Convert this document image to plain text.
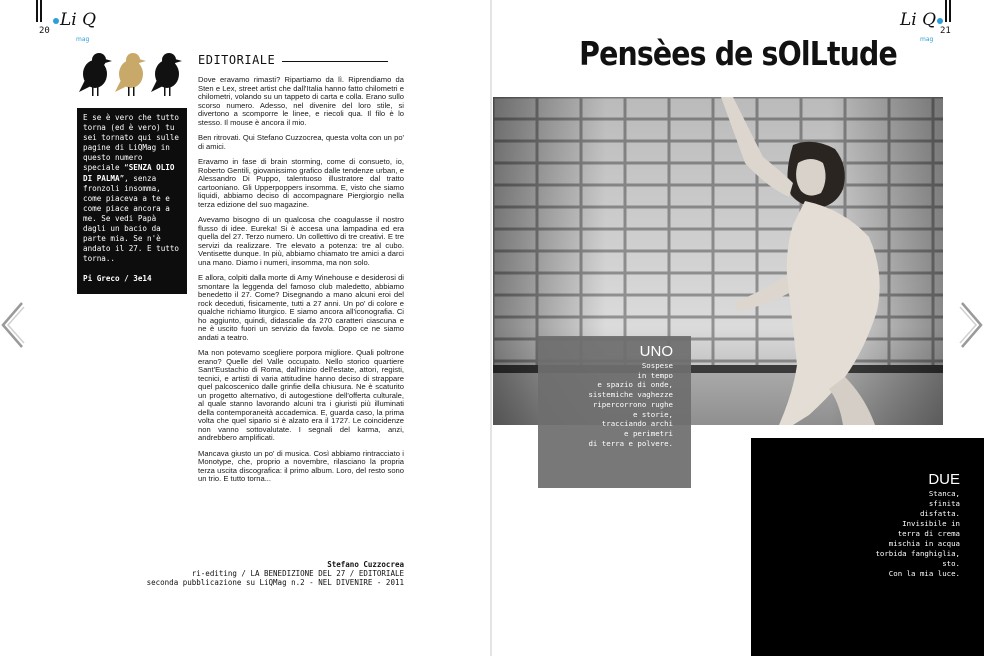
20
Li Q
mag

E se è vero che tutto torna (ed è vero) tu sei tornato qui sulle pagine di LiQMag in questo numero speciale “SENZA OLIO DI PALMA”, senza fronzoli insomma, come piaceva a te e come piace ancora a me. Se vedi Papà dagli un bacio da parte mia. Se n'è andato il 27. E tutto torna..

Pi Greco / 3e14

EDITORIALE

Dove eravamo rimasti? Ripartiamo da lì. Riprendiamo da Sten e Lex, street artist che dall'Italia hanno fatto chilometri e chilometri, volando su un tappeto di carta e colla. Erano sullo scorso numero. Adesso, nel divenire del loro stile, si divertono a scomporre le linee, e riecoli qua. Il filo è lo stesso. Il mouse è ancora il mio.

Ben ritrovati. Qui Stefano Cuzzocrea, questa volta con un po' di amici.

Eravamo in fase di brain storming, come di consueto, io, Roberto Gentili, giovanissimo grafico dalle tendenze urban, e Alessandro Di Puppo, talentuoso illustratore dal tratto cartooniano. Gli Upperpoppers insomma. E, visto che siamo liquidi, abbiamo deciso di accompagnare Piergiorgio nella terza edizione del suo magazine.

Avevamo bisogno di un qualcosa che coagulasse il nostro flusso di idee. Eureka! Si è accesa una lampadina ed era quella del 27. Terzo numero. Un collettivo di tre creativi. E tre servizi da realizzare. Tre elevato a potenza: tre al cubo. Ventisette dunque. In più, abbiamo chiamato tre amici a darci una mano. Diamo i numeri, insomma, ma non solo.

E allora, colpiti dalla morte di Amy Winehouse e desiderosi di smontare la leggenda del famoso club maledetto, abbiamo benedetto il 27. Come? Disegnando a mano alcuni eroi del rock deceduti, fisicamente, tutti a 27 anni. Un po' di colore e qualche richiamo liturgico. E siamo ancora all'iconografia. Ci ho aggiunto, quindi, didascalie da 270 caratteri ciascuna e ne è uscito fuori un servizio da favola. Dopo ce ne siamo andati a teatro.

Ma non potevamo scegliere porpora migliore. Quali poltrone erano? Quelle del Valle occupato. Nello storico quartiere Sant'Eustachio di Roma, dall'inizio dell'estate, attori, registi, tecnici, e artisti di varia attitudine hanno deciso di strappare quel palcoscenico dalle grinfie della chiusura. Ne è scaturito un progetto alternativo, di autogestione dell'offerta culturale, al quale stanno lavorando alcuni tra i giuristi più illuminati della contemporaneità accademica. E, guarda caso, la prima volta che quel sipario si è alzato era il 1727. Le coincidenze non vanno sottovalutate. I segnali del karma, anzi, andrebbero amplificati.

Mancava giusto un po' di musica. Così abbiamo rintracciato i Monotype, che, proprio a novembre, rilasciano la propria terza uscita discografica: il primo album. Loro, del resto sono un trio. E tutto torna...

Stefano Cuzzocrea
ri-editing / LA BENEDIZIONE DEL 27 / EDITORIALE
seconda pubblicazione su LiQMag n.2 - NEL DIVENIRE - 2011
Li Q
mag
21
Pensèes de sOlLtude
UNO
Sospese
in tempo
e spazio di onde,
sistemiche vaghezze
ripercorrono rughe
e storie,
tracciando archi
e perimetri
di terra e polvere.
DUE
Stanca,
sfinita
disfatta.
Invisibile in
terra di crema
mischia in acqua
torbida fanghiglia,
sto.
Con la mia luce.
